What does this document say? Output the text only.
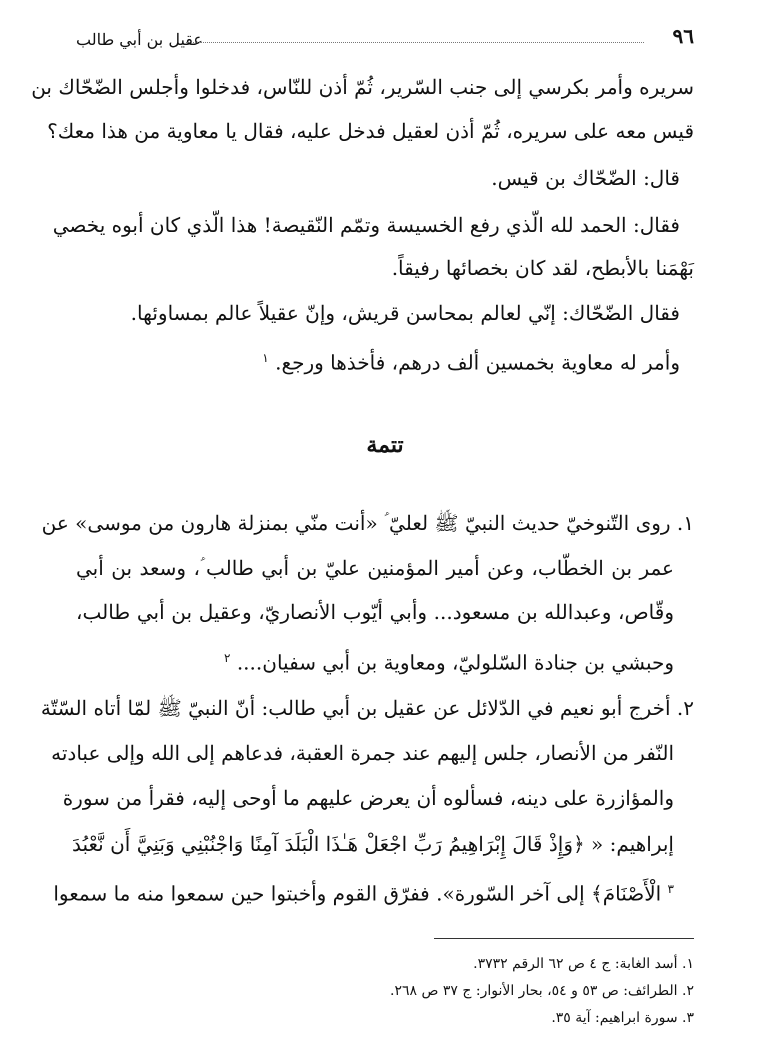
٩٦
عقيل بن أبي طالب
سريره وأمر بكرسي إلى جنب السّرير، ثُمّ أذن للنّاس، فدخلوا وأجلس الضّحّاك بن
قيس معه على سريره، ثُمّ أذن لعقيل فدخل عليه، فقال يا معاوية من هذا معك؟
قال: الضّحّاك بن قيس.
فقال: الحمد لله الّذي رفع الخسيسة وتمّم النّقيصة! هذا الّذي كان أبوه يخصي
بَهْمَنا بالأبطح، لقد كان بخصائها رفيقاً.
فقال الضّحّاك: إنّي لعالم بمحاسن قريش، وإنّ عقيلاً عالم بمساوئها.
وأمر له معاوية بخمسين ألف درهم، فأخذها ورجع. $^١$
تتمة
١. روى التّنوخيّ حديث النبيّ ﷺ لعليّ ؑ «أنت منّي بمنزلة هارون من موسى» عن
عمر بن الخطّاب، وعن أمير المؤمنين عليّ بن أبي طالب ؑ، وسعد بن أبي
وقّاص، وعبدالله بن مسعود... وأبي أيّوب الأنصاريّ، وعقيل بن أبي طالب،
وحبشي بن جنادة السّلوليّ، ومعاوية بن أبي سفيان.... $^٢$
٢. أخرج أبو نعيم في الدّلائل عن عقيل بن أبي طالب: أنّ النبيّ ﷺ لمّا أتاه السّتّة
النّفر من الأنصار، جلس إليهم عند جمرة العقبة، فدعاهم إلى الله وإلى عبادته
والمؤازرة على دينه، فسألوه أن يعرض عليهم ما أوحى إليه، فقرأ من سورة
إبراهيم: « ﴿وَإِذْ قَالَ إِبْرَاهِيمُ رَبِّ اجْعَلْ هَـٰذَا الْبَلَدَ آمِنًا وَاجْنُبْنِي وَبَنِيَّ أَن نَّعْبُدَ
$^٣$ الْأَصْنَامَ﴾ إلى آخر السّورة». ففرّق القوم وأخبتوا حين سمعوا منه ما سمعوا
١. أسد الغابة: ج ٤ ص ٦٢ الرقم ٣٧٣٢.
٢. الطرائف: ص ٥٣ و ٥٤، بحار الأنوار: ج ٣٧ ص ٢٦٨.
٣. سورة ابراهيم: آية ٣٥.
